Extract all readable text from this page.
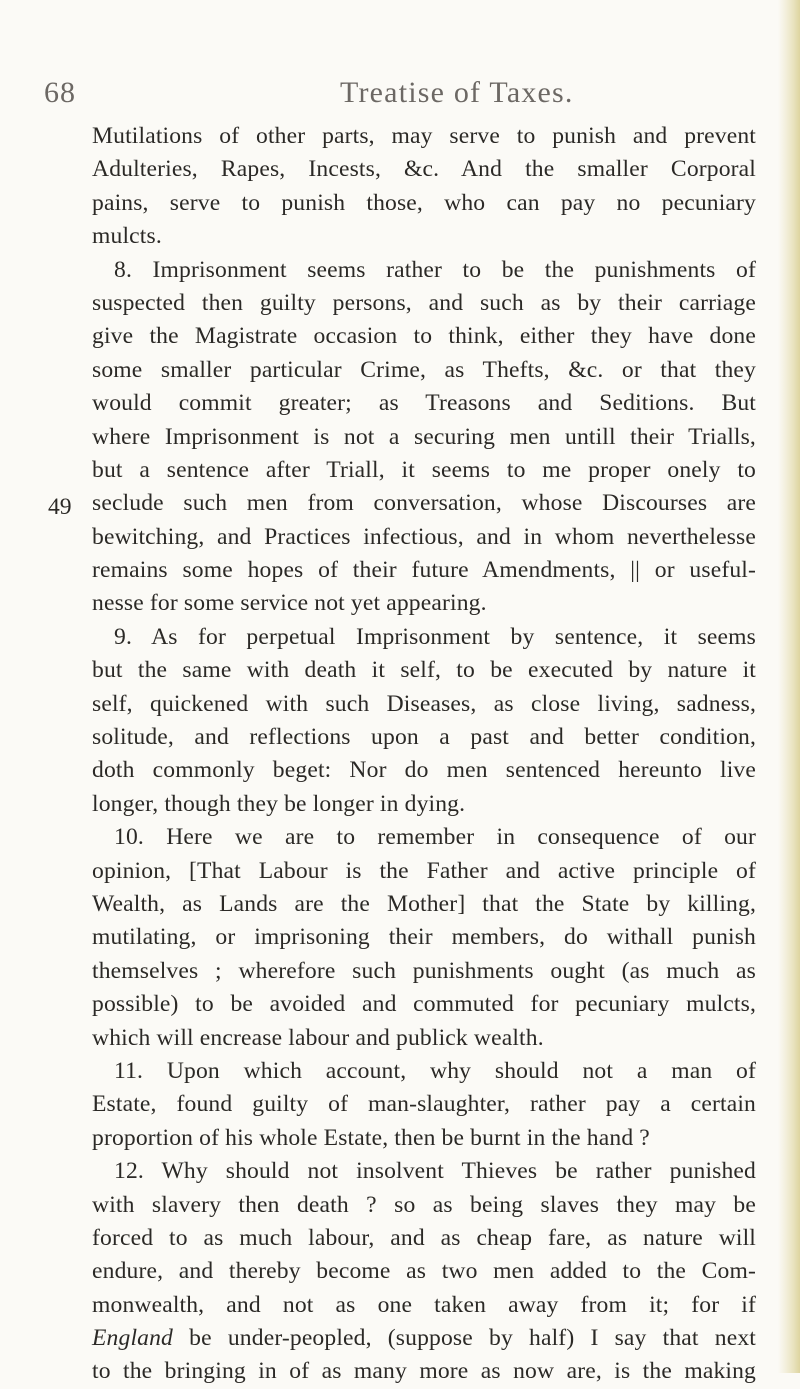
68	Treatise of Taxes.
49
Mutilations of other parts, may serve to punish and prevent
Adulteries, Rapes, Incests, &c. And the smaller Corporal
pains, serve to punish those, who can pay no pecuniary
mulcts.
8. Imprisonment seems rather to be the punishments of
suspected then guilty persons, and such as by their carriage
give the Magistrate occasion to think, either they have done
some smaller particular Crime, as Thefts, &c. or that they
would commit greater; as Treasons and Seditions. But
where Imprisonment is not a securing men untill their Trialls,
but a sentence after Triall, it seems to me proper onely to
seclude such men from conversation, whose Discourses are
bewitching, and Practices infectious, and in whom neverthelesse
remains some hopes of their future Amendments, || or useful-
nesse for some service not yet appearing.
9. As for perpetual Imprisonment by sentence, it seems
but the same with death it self, to be executed by nature it
self, quickened with such Diseases, as close living, sadness,
solitude, and reflections upon a past and better condition,
doth commonly beget: Nor do men sentenced hereunto live
longer, though they be longer in dying.
10. Here we are to remember in consequence of our
opinion, [That Labour is the Father and active principle of
Wealth, as Lands are the Mother] that the State by killing,
mutilating, or imprisoning their members, do withall punish
themselves ; wherefore such punishments ought (as much as
possible) to be avoided and commuted for pecuniary mulcts,
which will encrease labour and publick wealth.
11. Upon which account, why should not a man of
Estate, found guilty of man-slaughter, rather pay a certain
proportion of his whole Estate, then be burnt in the hand ?
12. Why should not insolvent Thieves be rather punished
with slavery then death ? so as being slaves they may be
forced to as much labour, and as cheap fare, as nature will
endure, and thereby become as two men added to the Com-
monwealth, and not as one taken away from it; for if
England be under-peopled, (suppose by half) I say that next
to the bringing in of as many more as now are, is the making
